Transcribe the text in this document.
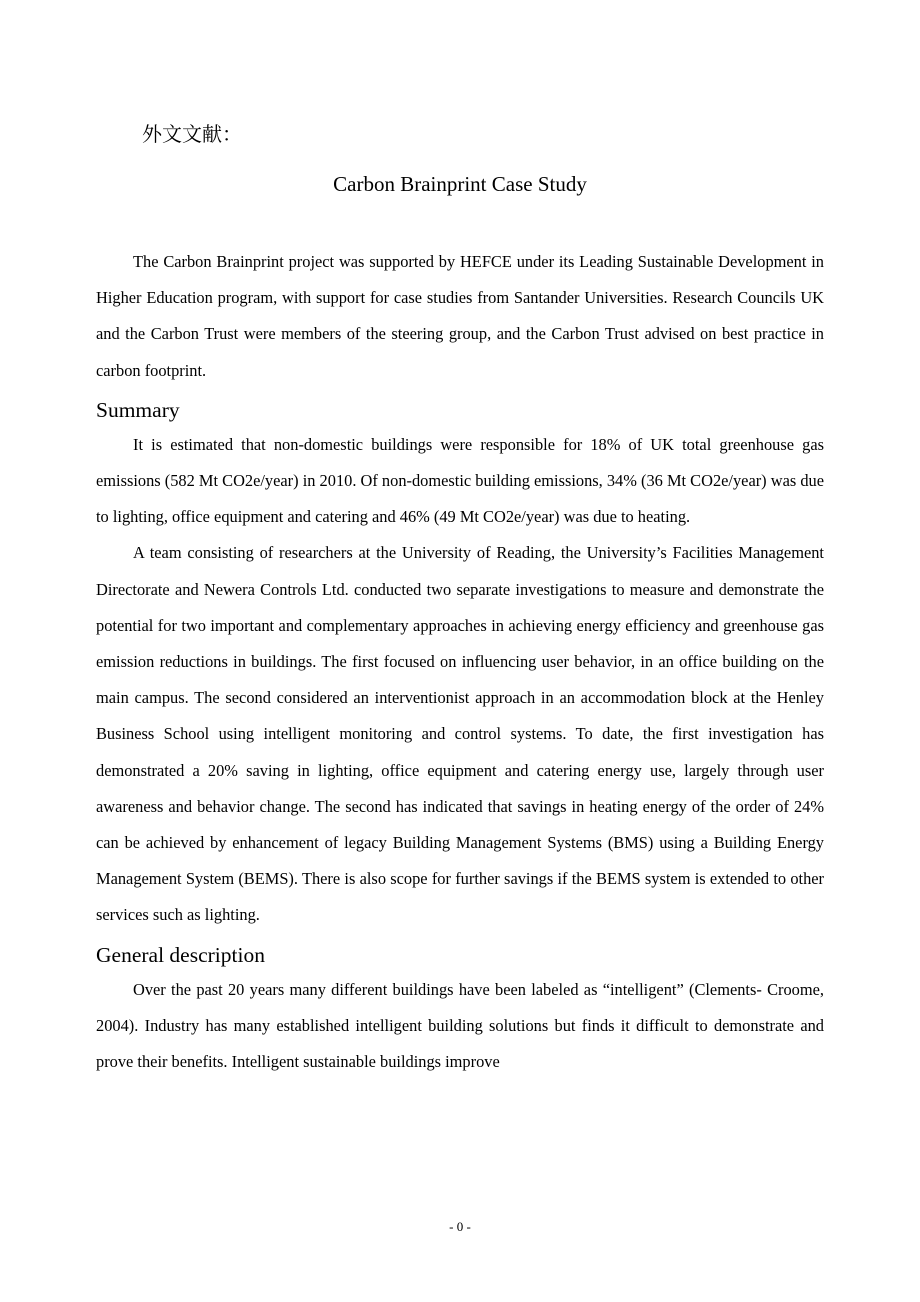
外文文献：
Carbon Brainprint Case Study

The Carbon Brainprint project was supported by HEFCE under its Leading Sustainable Development in Higher Education program, with support for case studies from Santander Universities. Research Councils UK and the Carbon Trust were members of the steering group, and the Carbon Trust advised on best practice in carbon footprint.

Summary

It is estimated that non-domestic buildings were responsible for 18% of UK total greenhouse gas emissions (582 Mt CO2e/year) in 2010. Of non-domestic building emissions, 34% (36 Mt CO2e/year) was due to lighting, office equipment and catering and 46% (49 Mt CO2e/year) was due to heating.

A team consisting of researchers at the University of Reading, the University’s Facilities Management Directorate and Newera Controls Ltd. conducted two separate investigations to measure and demonstrate the potential for two important and complementary approaches in achieving energy efficiency and greenhouse gas emission reductions in buildings. The first focused on influencing user behavior, in an office building on the main campus. The second considered an interventionist approach in an accommodation block at the Henley Business School using intelligent monitoring and control systems. To date, the first investigation has demonstrated a 20% saving in lighting, office equipment and catering energy use, largely through user awareness and behavior change. The second has indicated that savings in heating energy of the order of 24% can be achieved by enhancement of legacy Building Management Systems (BMS) using a Building Energy Management System (BEMS). There is also scope for further savings if the BEMS system is extended to other services such as lighting.

General description

Over the past 20 years many different buildings have been labeled as “intelligent” (Clements- Croome, 2004). Industry has many established intelligent building solutions but finds it difficult to demonstrate and prove their benefits. Intelligent sustainable buildings improve

- 0 -
